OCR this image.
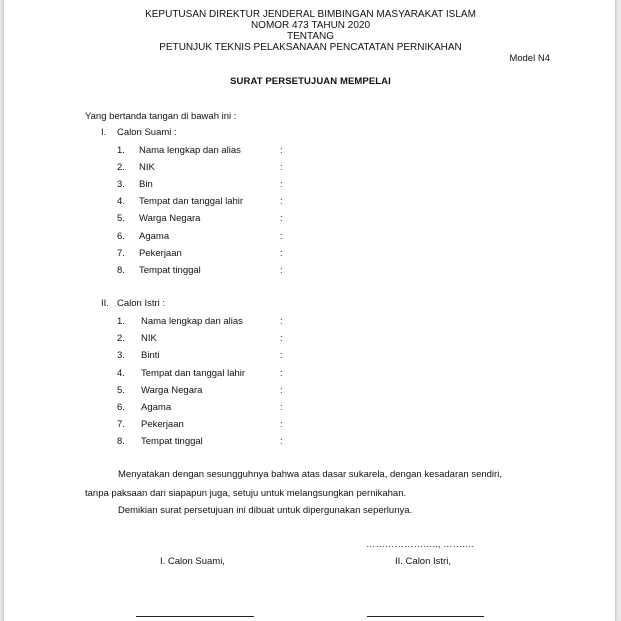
KEPUTUSAN DIREKTUR JENDERAL BIMBINGAN MASYARAKAT ISLAM
NOMOR 473 TAHUN 2020
TENTANG
PETUNJUK TEKNIS PELAKSANAAN PENCATATAN PERNIKAHAN
Model N4
SURAT PERSETUJUAN MEMPELAI
Yang bertanda tangan di bawah ini :
I. Calon Suami :
1. Nama lengkap dan alias	:
2. NIK	:
3. Bin	:
4. Tempat dan tanggal lahir	:
5. Warga Negara	:
6. Agama	:
7. Pekerjaan	:
8. Tempat tinggal	:
II. Calon Istri :
1. Nama lengkap dan alias	:
2. NIK	:
3. Binti	:
4. Tempat dan tanggal lahir	:
5. Warga Negara	:
6. Agama	:
7. Pekerjaan	:
8. Tempat tinggal	:
Menyatakan dengan sesungguhnya bahwa atas dasar sukarela, dengan kesadaran sendiri,
tanpa paksaan dari siapapun juga, setuju untuk melangsungkan pernikahan.
Demikian surat persetujuan ini dibuat untuk dipergunakan seperlunya.
………………….., ……….
I. Calon Suami,	II. Calon Istri,
